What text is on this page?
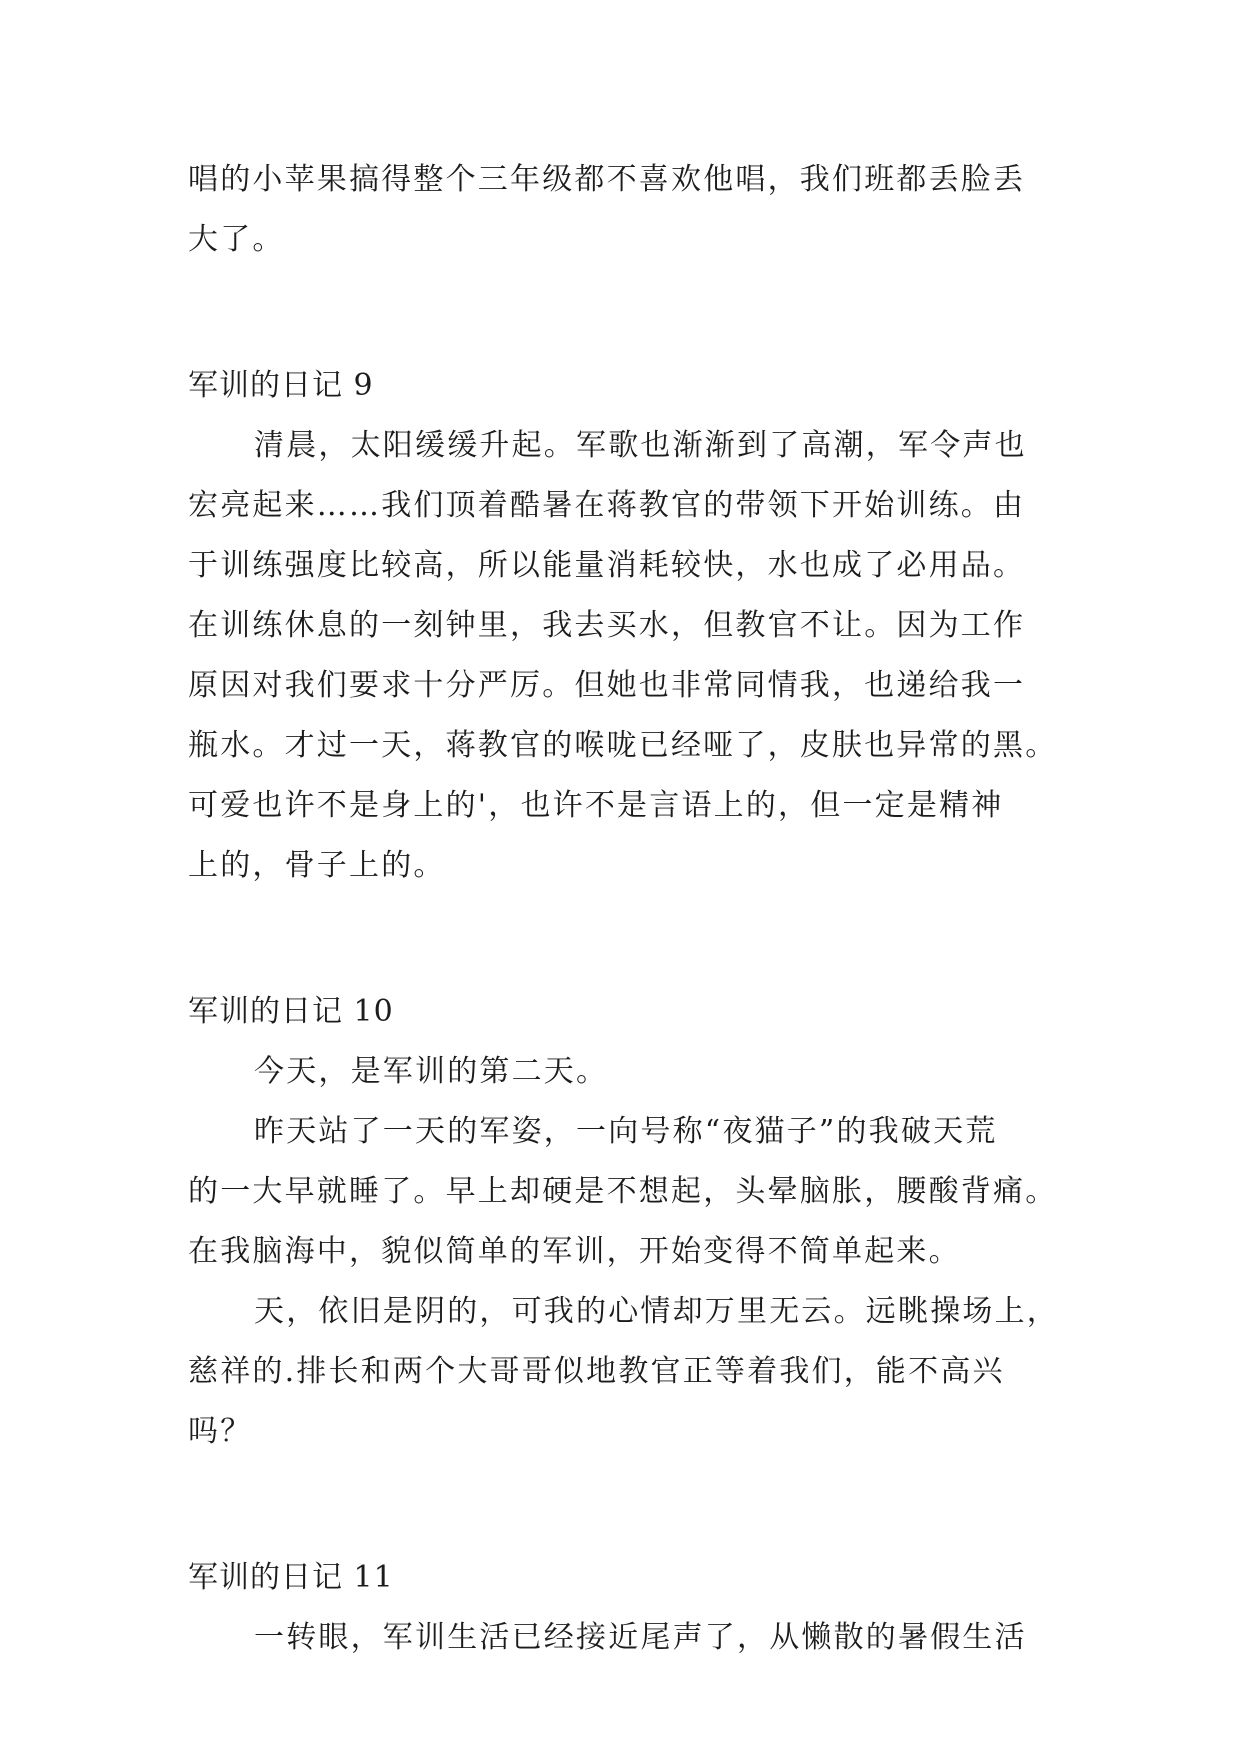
唱的小苹果搞得整个三年级都不喜欢他唱，我们班都丢脸丢
大了。
军训的日记 9
清晨，太阳缓缓升起。军歌也渐渐到了高潮，军令声也
宏亮起来……我们顶着酷暑在蒋教官的带领下开始训练。由
于训练强度比较高，所以能量消耗较快，水也成了必用品。
在训练休息的一刻钟里，我去买水，但教官不让。因为工作
原因对我们要求十分严厉。但她也非常同情我，也递给我一
瓶水。才过一天，蒋教官的喉咙已经哑了，皮肤也异常的黑。
可爱也许不是身上的'，也许不是言语上的，但一定是精神
上的，骨子上的。
军训的日记 10
今天，是军训的第二天。
昨天站了一天的军姿，一向号称“夜猫子”的我破天荒
的一大早就睡了。早上却硬是不想起，头晕脑胀，腰酸背痛。
在我脑海中，貌似简单的军训，开始变得不简单起来。
天，依旧是阴的，可我的心情却万里无云。远眺操场上，
慈祥的.排长和两个大哥哥似地教官正等着我们，能不高兴
吗？
军训的日记 11
一转眼，军训生活已经接近尾声了，从懒散的暑假生活
